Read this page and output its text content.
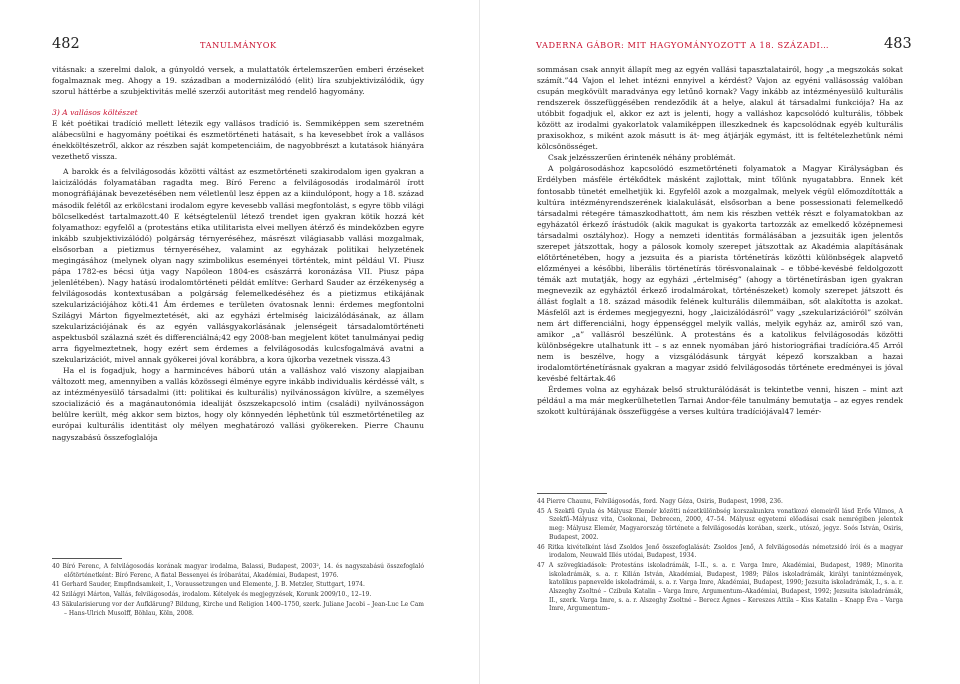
482	TANULMÁNYOK

vitásnak: a szerelmi dalok, a gúnyoldó versek, a mulattatók értelemszerűen emberi érzéseket fogalmaznak meg. Ahogy a 19. században a modernizálódó (elit) líra szubjektivizálódik, úgy szorul háttérbe a szubjektivitás mellé szerzői autoritást meg rendelő hagyomány.

3) A vallásos költészet

E két poétikai tradíció mellett létezik egy vallásos tradíció is. Semmiképpen sem szeretném alábecsülni e hagyomány poétikai és eszmetörténeti hatásait, s ha kevesebbet írok a vallásos énekköltészetről, akkor az részben saját kompetenciáim, de nagyobbrészt a kutatások hiányára vezethető vissza.

A barokk és a felvilágosodás közötti váltást az eszmetörténeti szakirodalom igen gyakran a laicizálódás folyamatában ragadta meg. Bíró Ferenc a felvilágosodás irodalmáról írott monográfiájának bevezetésében nem véletlenül lesz éppen az a kiindulópont, hogy a 18. század második felétől az erkölcstani irodalom egyre kevesebb vallási megfontolást, s egyre több világi bölcselkedést tartalmazott.40 E kétségtelenül létező trendet igen gyakran kötik hozzá két folyamathoz: egyfelől a (protestáns etika utilitarista elvei mellyen átérző és mindeközben egyre inkább szubjektivizálódó) polgárság térnyeréséhez, másrészt világiasabb vallási mozgalmak, elsősorban a pietizmus térnyeréséhez, valamint az egyházak politikai helyzetének megingásához (melynek olyan nagy szimbolikus eseményei történtek, mint például VI. Piusz pápa 1782-es bécsi útja vagy Napóleon 1804-es császárrá koronázása VII. Piusz pápa jelenlétében). Nagy hatású irodalomtörténeti példát említve: Gerhard Sauder az érzékenység a felvilágosodás kontextusában a polgárság felemelkedéséhez és a pietizmus etikájának szekularizációjához köti.41 Ám érdemes e területen óvatosnak lenni: érdemes megfontolni Szilágyi Márton figyelmeztetését, aki az egyházi értelmiség laicizálódásának, az állam szekularizációjának és az egyén vallásgyakorlásának jelenségeit társadalomtörténeti aspektusból szálazná szét és differenciálná;42 egy 2008-ban megjelent kötet tanulmányai pedig arra figyelmeztetnek, hogy ezért sem érdemes a felvilágosodás kulcsfogalmává avatni a szekularizációt, mivel annak gyökerei jóval korábbra, a kora újkorba vezetnek vissza.43

Ha el is fogadjuk, hogy a harmincéves háború után a valláshoz való viszony alapjaiban változott meg, amennyiben a vallás közössegi élménye egyre inkább individualis kérdéssé vált, s az intézményesülő társadalmi (itt: politikai és kulturális) nyilvánosságon kívülre, a személyes szocializáció és a magánautonómia idealiját öszszekapcsoló intim (családi) nyilvánosságon belülre került, még akkor sem biztos, hogy oly könnyedén léphetünk túl eszmetörténetileg az európai kulturális identitást oly mélyen meghatározó vallási gyökereken. Pierre Chaunu nagyszabású összefoglalója

40 Bíró Ferenc, A felvilágosodás korának magyar irodalma, Balassi, Budapest, 2003², 14. és nagyszabású összefoglaló előtörténetként: Bíró Ferenc, A fiatal Bessenyei és íróbarátai, Akadémiai, Budapest, 1976.

41 Gerhard Sauder, Empfindsamkeit, I., Voraussetzungen und Elemente, J. B. Metzler, Stuttgart, 1974.

42 Szilágyi Márton, Vallás, felvilágosodás, irodalom. Kételyek és megjegyzések, Korunk 2009/10., 12–19.

43 Säkularisierung vor der Aufklärung? Bildung, Kirche und Religion 1400–1750, szerk. Juliane Jacobi – Jean-Luc Le Cam – Hans-Ulrich Musolff, Böhlau, Köln, 2008.

VADERNA GÁBOR: MIT HAGYOMÁNYOZOTT A 18. SZÁZADI…	483

sommásan csak annyit állapít meg az egyén vallási tapasztalatairól, hogy „a megszokás sokat számít.”44 Vajon el lehet intézni ennyivel a kérdést? Vajon az egyéni vallásosság valóban csupán megkövült maradványa egy letűnő kornak? Vagy inkább az intézményesülő kulturális rendszerek összefüggésében rendeződik át a helye, alakul át társadalmi funkciója? Ha az utóbbit fogadjuk el, akkor ez azt is jelenti, hogy a valláshoz kapcsolódó kulturális, többek között az irodalmi gyakorlatok valamiképpen illeszkednek és kapcsolódnak egyéb kulturális praxisokhoz, s miként azok másutt is át- meg átjárják egymást, itt is feltételezhetünk némi kölcsönösséget.

Csak jelzésszerűen érintenék néhány problémát.

A polgárosodáshoz kapcsolódó eszmetörténeti folyamatok a Magyar Királyságban és Erdélyben másféle értékődtek másként zajlottak, mint tőlünk nyugatabbra. Ennek két fontosabb tünetét emelhetjük ki. Egyfelől azok a mozgalmak, melyek végül előmozdították a kultúra intézményrendszerének kialakulását, elsősorban a bene possessionati felemelkedő társadalmi rétegére támaszkodhattott, ám nem kis részben vették részt e folyamatokban az egyházatól érkező írástudók (akik magukat is gyakorta tartozzák az emelkedő középnemesi társadalmi osztályhoz). Hogy a nemzeti identitás formálásában a jezsuiták igen jelentős szerepet játszottak, hogy a pálosok komoly szerepet játszottak az Akadémia alapításának előtörténetében, hogy a jezsuita és a piarista történetírás közötti különbségek alapvető előzményei a későbbi, liberális történetírás törésvonalainak – e többé-kevésbé feldolgozott témák azt mutatják, hogy az egyházi „értelmiség” (ahogy a történetírásban igen gyakran megnevezik az egyháztól érkező irodalmárokat, történészeket) komoly szerepet játszott és állást foglalt a 18. század második felének kulturális dilemmáiban, sőt alakította is azokat. Másfelől azt is érdemes megjegyezni, hogy „laicizálódásról” vagy „szekularizációról” szólván nem árt differenciálni, hogy éppenséggel melyik vallás, melyik egyház az, amiről szó van, amikor „a” vallásról beszélünk. A protestáns és a katolikus felvilágosodás közötti különbségekre utalhatunk itt – s az ennek nyomában járó historiográfiai tradícióra.45 Arról nem is beszélve, hogy a vizsgálódásunk tárgyát képező korszakban a hazai irodalomtörténetírásnak gyakran a magyar zsidó felvilágosodás története eredményei is jóval kevésbé feltártak.46

Érdemes volna az egyházak belső strukturálódását is tekintetbe venni, hiszen – mint azt például a ma már megkerülhetetlen Tarnai Andor-féle tanulmány bemutatja – az egyes rendek szokott kultúrájának összefüggése a verses kultúra tradíciójával47 lemér-

44 Pierre Chaunu, Felvilágosodás, ford. Nagy Géza, Osiris, Budapest, 1998, 236.

45 A Szekfű Gyula és Mályusz Elemér közötti nézetkülönbség korszakunkra vonatkozó elemeiről lásd Erős Vilmos, A Szekfű–Mályusz vita, Csokonai, Debrecen, 2000, 47–54. Mályusz egyetemi előadásai csak nemrégiben jelentek meg: Mályusz Elemér, Magyarország története a felvilágosodás korában, szerk., utószó, jegyz. Soós István, Osiris, Budapest, 2002.

46 Ritka kivételként lásd Zsoldos Jenő összefoglalását: Zsoldos Jenő, A felvilágosodás németzsidó írói és a magyar irodalom, Neuwald Illés utódai, Budapest, 1934.

47 A szövegkiadások: Protestáns iskoladrámák, I–II., s. a. r. Varga Imre, Akadémiai, Budapest, 1989; Minorita iskoladrámák, s. a. r. Kilián István, Akadémiai, Budapest, 1989; Pálos iskoladrámák, királyi tanintézmények, katolikus papnevelde iskoladrámái, s. a. r. Varga Imre, Akadémiai, Budapest, 1990; Jezsuita iskoladrámák, I., s. a. r. Alszeghy Zsoltné – Czibula Katalin – Varga Imre, Argumentum–Akadémiai, Budapest, 1992; Jezsuita iskoladrámák, II., szerk. Varga Imre, s. a. r. Alszeghy Zsoltné – Berecz Ágnes – Kereszes Attila – Kiss Katalin – Knapp Éva – Varga Imre, Argumentum–
